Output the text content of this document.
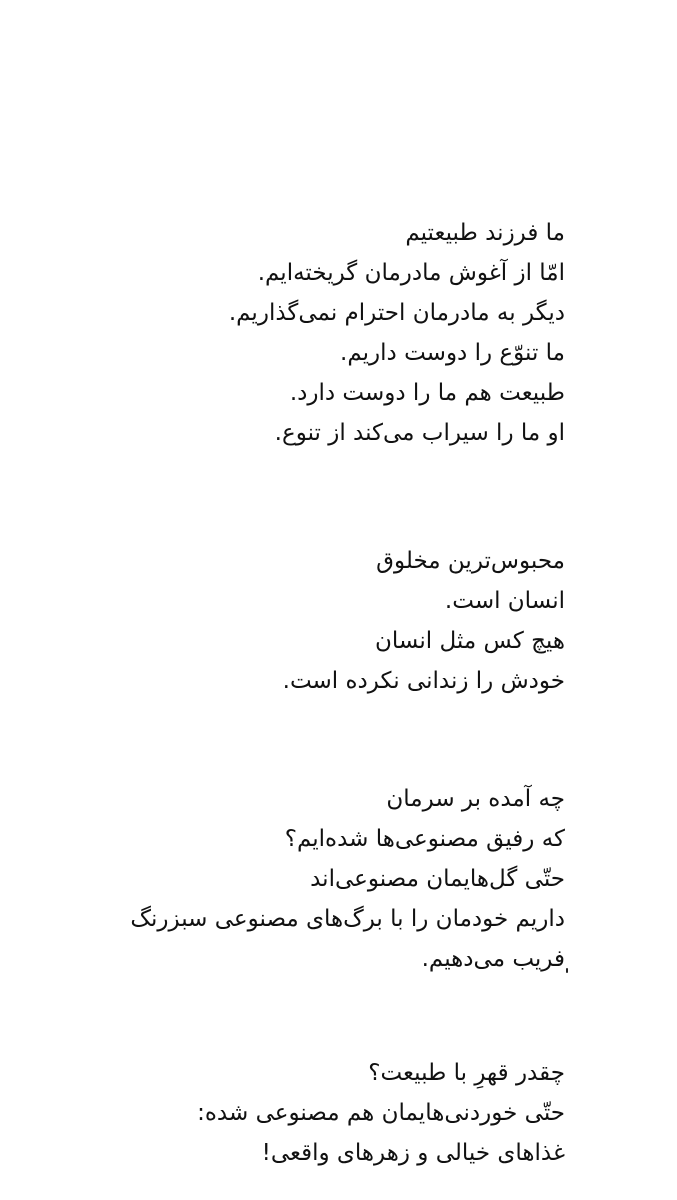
ما فرزند طبیعتیم
امّا از آغوش مادرمان گریخته‌ایم.
دیگر به مادرمان احترام نمی‌گذاریم.
ما تنوّع را دوست داریم.
طبیعت هم ما را دوست دارد.
او ما را سیراب می‌کند از تنوع.
محبوس‌ترین مخلوق
انسان است.
هیچ کس مثل انسان
خودش را زندانی نکرده است.
چه آمده بر سرمان
که رفیق مصنوعی‌ها شده‌ایم؟
حتّی گل‌هایمان مصنوعی‌اند
داریم خودمان را با برگ‌های مصنوعی سبزرنگ
فریب می‌دهیم.
چقدر قهرِ با طبیعت؟
حتّی خوردنی‌هایمان هم مصنوعی شده:
غذاهای خیالی و زهرهای واقعی!
